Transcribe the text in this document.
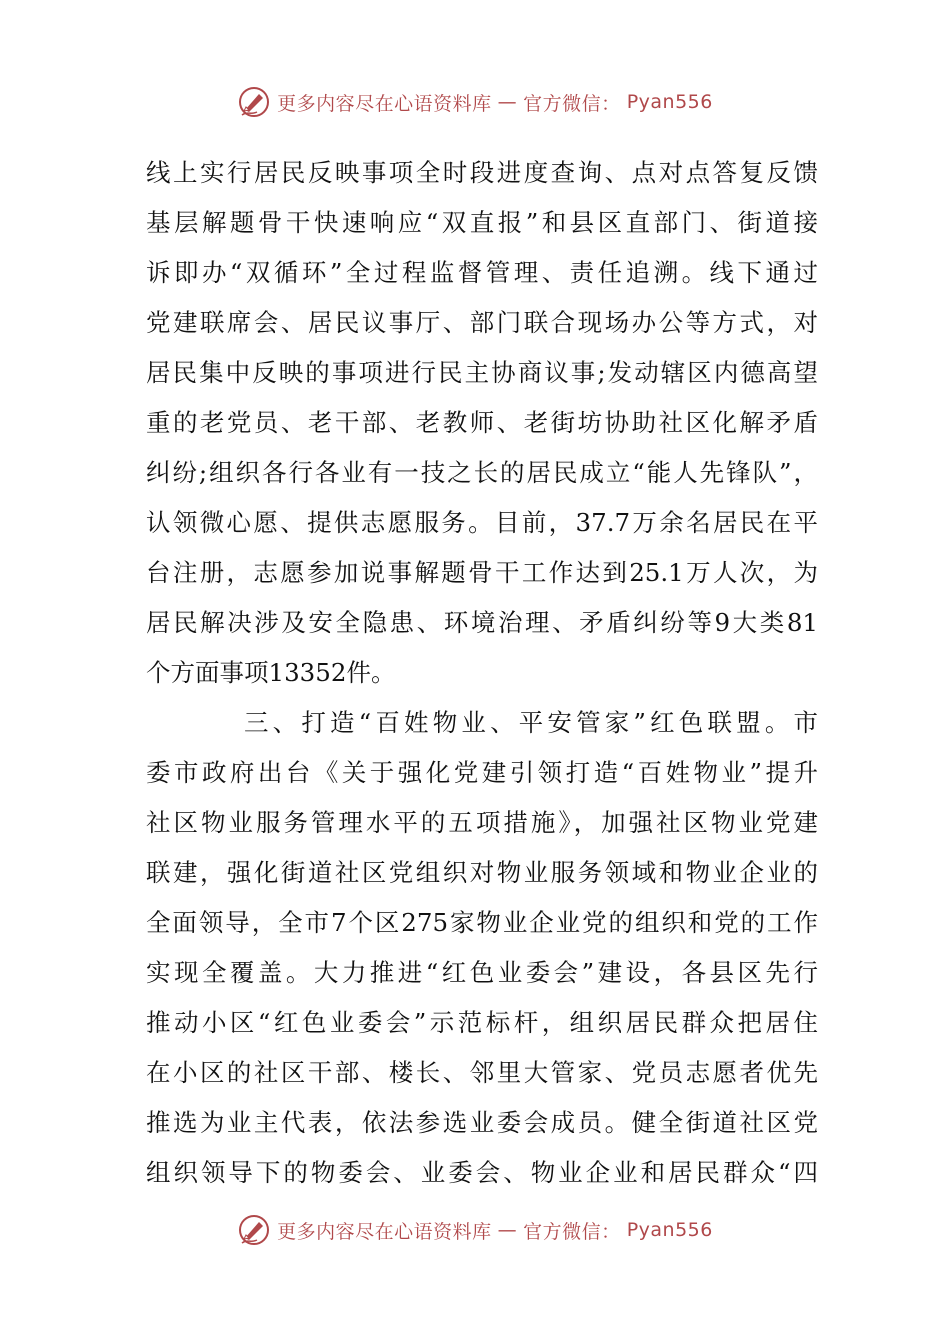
更多内容尽在心语资料库 — 官方微信： Pyan556
线上实行居民反映事项全时段进度查询、点对点答复反馈
基层解题骨干快速响应“双直报”和县区直部门、街道接
诉即办“双循环”全过程监督管理、责任追溯。线下通过
党建联席会、居民议事厅、部门联合现场办公等方式，对
居民集中反映的事项进行民主协商议事;发动辖区内德高望
重的老党员、老干部、老教师、老街坊协助社区化解矛盾
纠纷;组织各行各业有一技之长的居民成立“能人先锋队”，
认领微心愿、提供志愿服务。目前，37.7万余名居民在平
台注册，志愿参加说事解题骨干工作达到25.1万人次，为
居民解决涉及安全隐患、环境治理、矛盾纠纷等9大类81
个方面事项13352件。
三、打造“百姓物业、平安管家”红色联盟。市
委市政府出台《关于强化党建引领打造“百姓物业”提升
社区物业服务管理水平的五项措施》，加强社区物业党建
联建，强化街道社区党组织对物业服务领域和物业企业的
全面领导，全市7个区275家物业企业党的组织和党的工作
实现全覆盖。大力推进“红色业委会”建设，各县区先行
推动小区“红色业委会”示范标杆，组织居民群众把居住
在小区的社区干部、楼长、邻里大管家、党员志愿者优先
推选为业主代表，依法参选业委会成员。健全街道社区党
组织领导下的物委会、业委会、物业企业和居民群众“四
更多内容尽在心语资料库 — 官方微信： Pyan556
